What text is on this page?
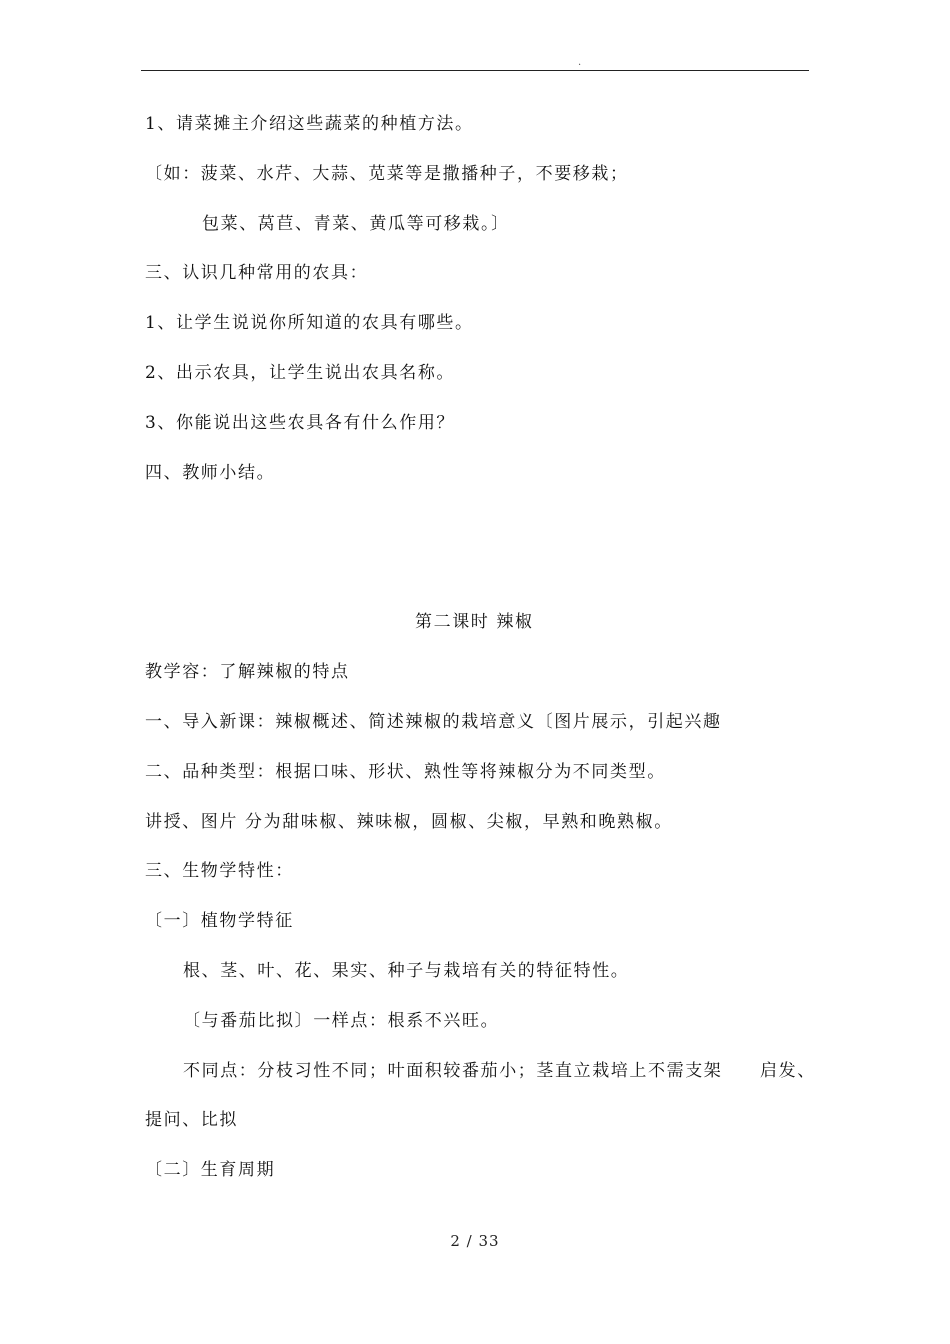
.
1、请菜摊主介绍这些蔬菜的种植方法。
〔如：菠菜、水芹、大蒜、苋菜等是撒播种子，不要移栽；
包菜、莴苣、青菜、黄瓜等可移栽。〕
三、认识几种常用的农具：
1、让学生说说你所知道的农具有哪些。
2、出示农具，让学生说出农具名称。
3、你能说出这些农具各有什么作用？
四、教师小结。
第二课时 辣椒
教学容：了解辣椒的特点
一、导入新课：辣椒概述、简述辣椒的栽培意义〔图片展示，引起兴趣
二、品种类型：根据口味、形状、熟性等将辣椒分为不同类型。
讲授、图片 分为甜味椒、辣味椒，圆椒、尖椒，早熟和晚熟椒。
三、生物学特性：
〔一〕植物学特征
根、茎、叶、花、果实、种子与栽培有关的特征特性。
〔与番茄比拟〕一样点：根系不兴旺。
不同点：分枝习性不同；叶面积较番茄小；茎直立栽培上不需支架 启发、
提问、比拟
〔二〕生育周期
2 / 33
